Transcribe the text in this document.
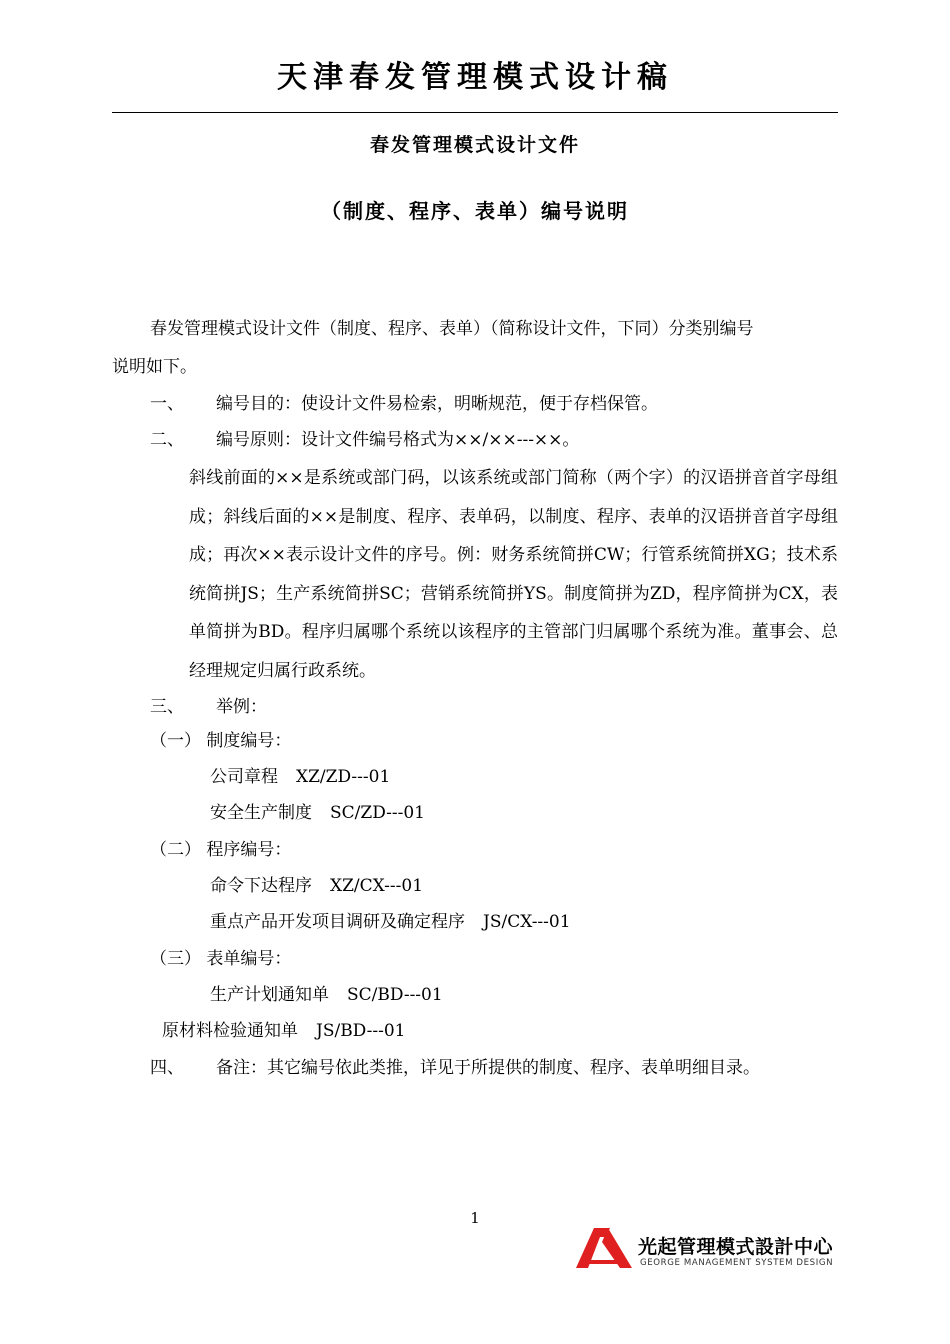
天津春发管理模式设计稿
春发管理模式设计文件
（制度、程序、表单）编号说明
春发管理模式设计文件（制度、程序、表单）（简称设计文件，下同）分类别编号
说明如下。
一、 编号目的：使设计文件易检索，明晰规范，便于存档保管。
二、 编号原则：设计文件编号格式为××/××---××。
斜线前面的××是系统或部门码，以该系统或部门简称（两个字）的汉语拼音首字母组成；斜线后面的××是制度、程序、表单码，以制度、程序、表单的汉语拼音首字母组成；再次××表示设计文件的序号。例：财务系统简拼CW；行管系统简拼XG；技术系统简拼JS；生产系统简拼SC；营销系统简拼YS。制度简拼为ZD，程序简拼为CX，表单简拼为BD。程序归属哪个系统以该程序的主管部门归属哪个系统为准。董事会、总经理规定归属行政系统。
三、 举例：
（一） 制度编号：
公司章程 XZ/ZD---01
安全生产制度 SC/ZD---01
（二） 程序编号：
命令下达程序 XZ/CX---01
重点产品开发项目调研及确定程序 JS/CX---01
（三） 表单编号：
生产计划通知单 SC/BD---01
原材料检验通知单 JS/BD---01
四、 备注：其它编号依此类推，详见于所提供的制度、程序、表单明细目录。
1
光起管理模式設計中心
GEORGE MANAGEMENT SYSTEM DESIGN
